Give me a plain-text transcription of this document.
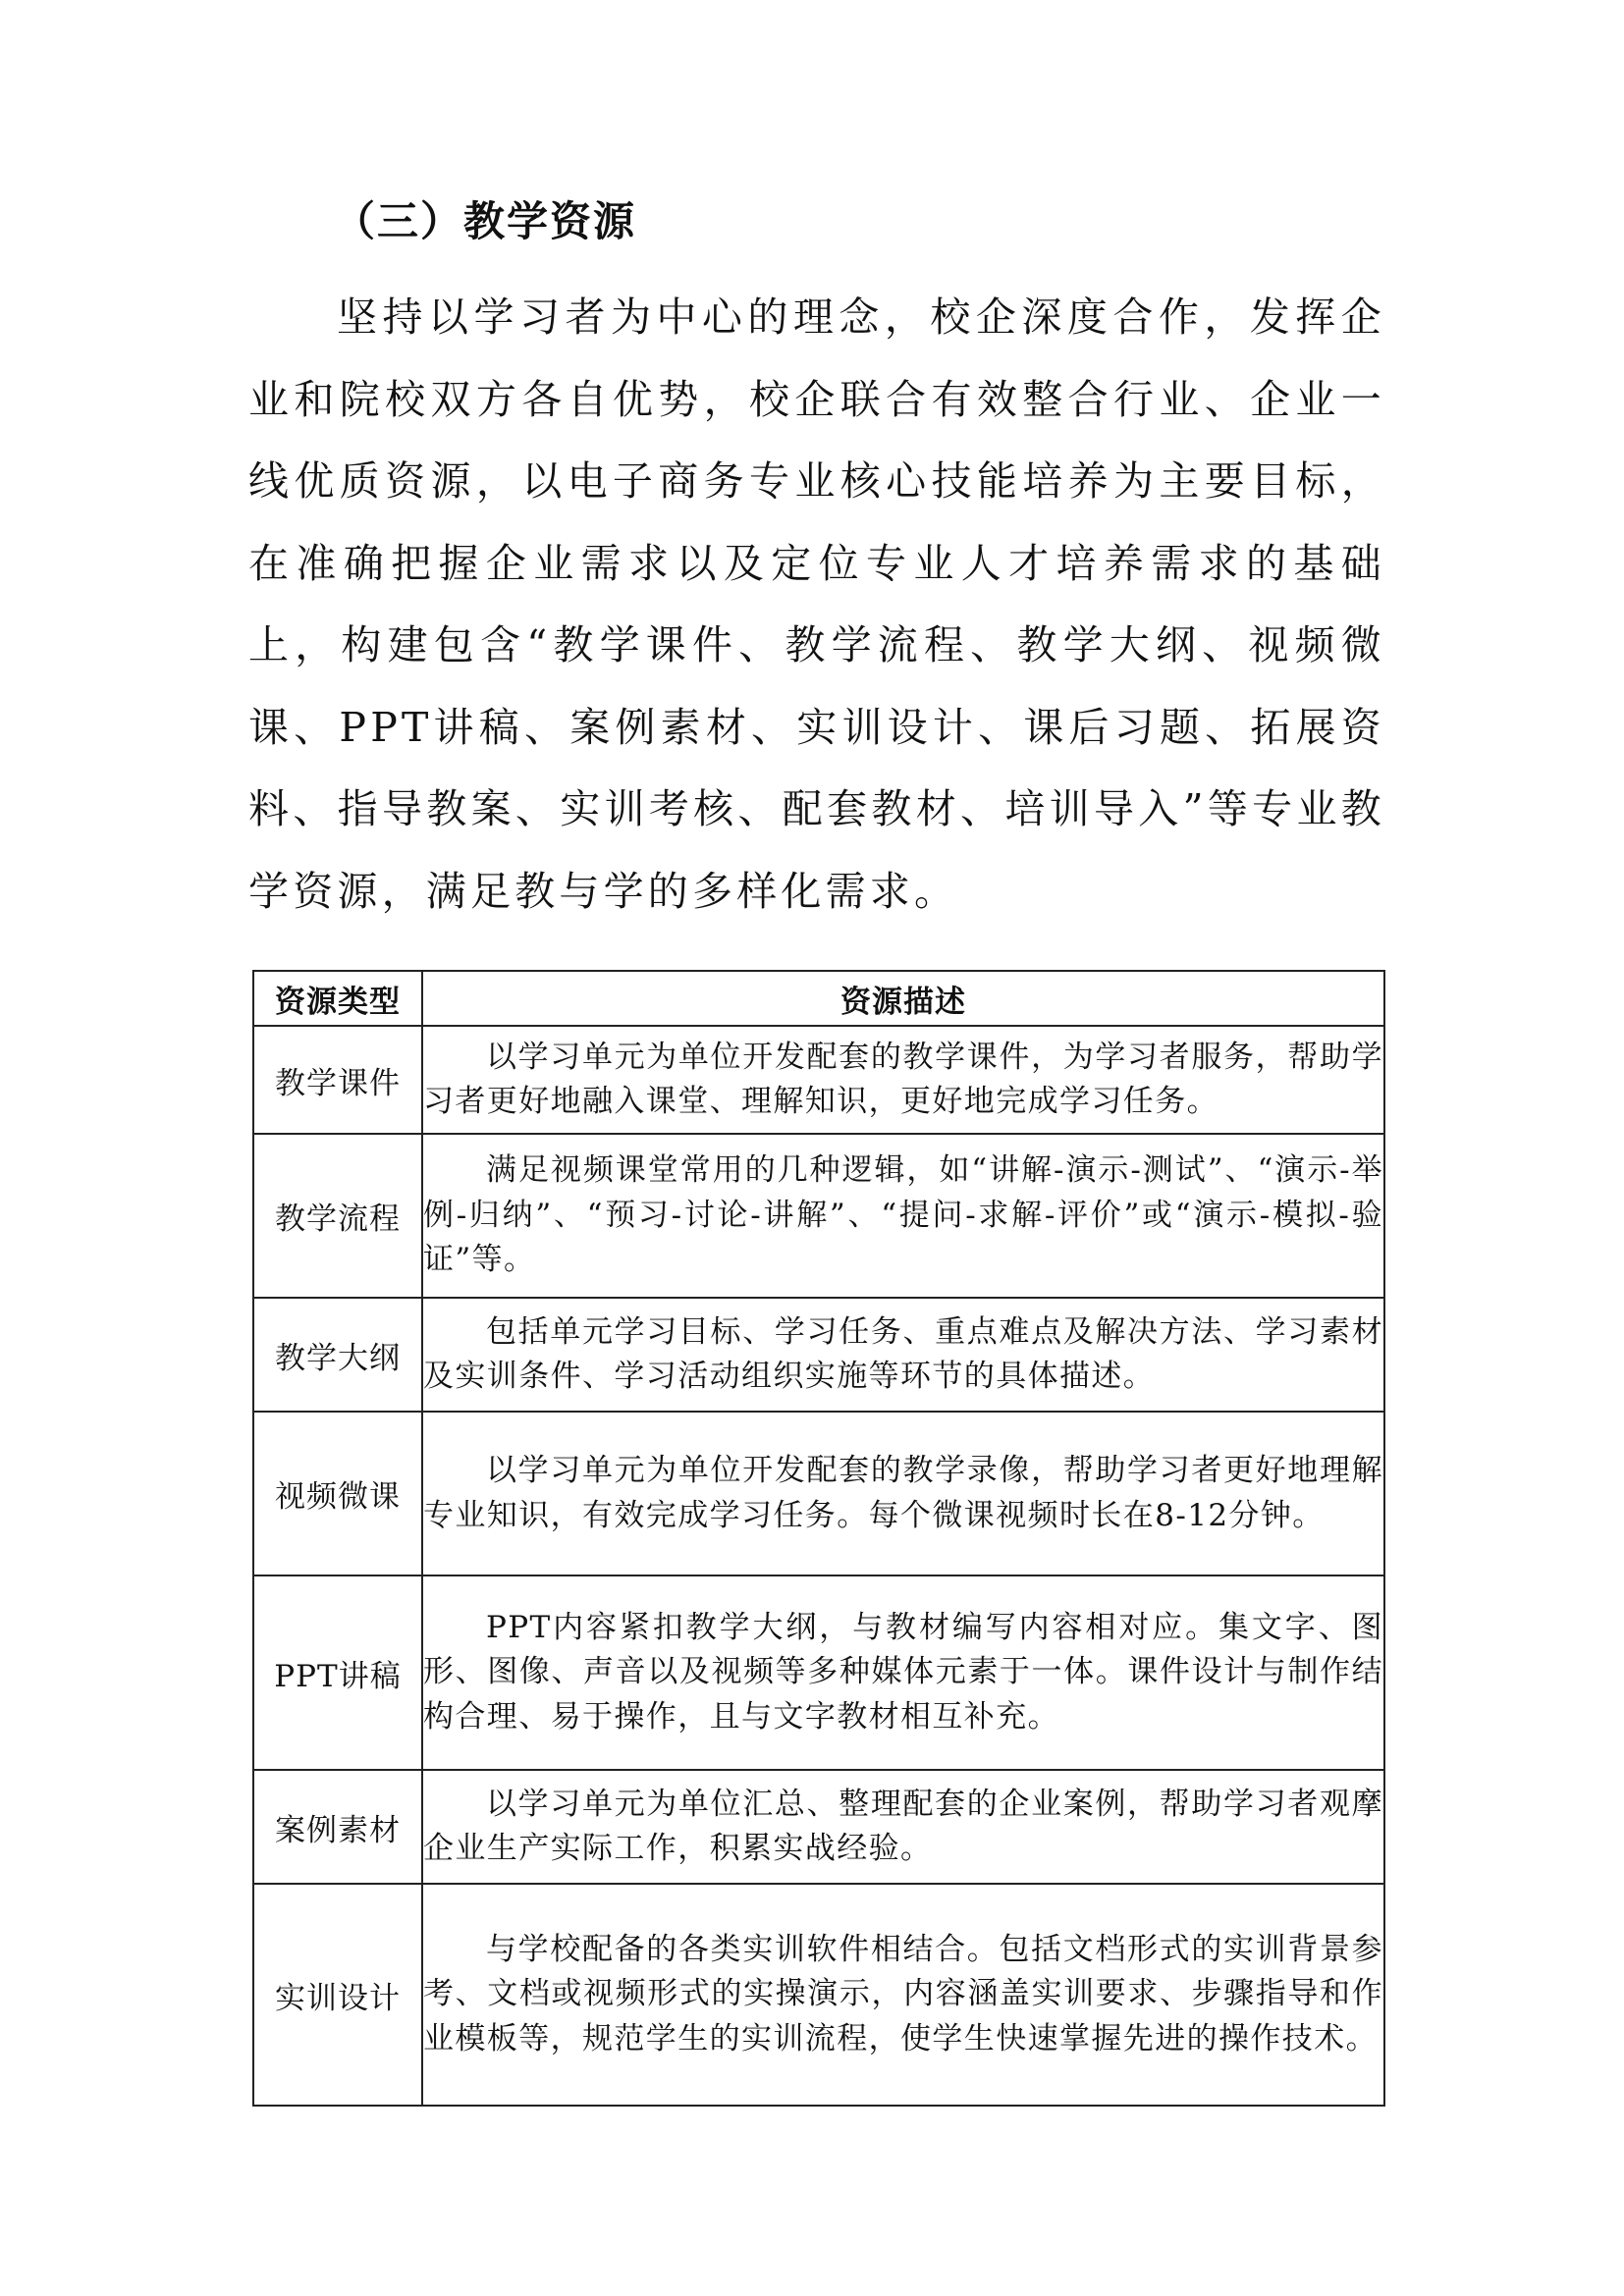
（三）教学资源

坚持以学习者为中心的理念，校企深度合作，发挥企业和院校双方各自优势，校企联合有效整合行业、企业一线优质资源，以电子商务专业核心技能培养为主要目标，在准确把握企业需求以及定位专业人才培养需求的基础上，构建包含“教学课件、教学流程、教学大纲、视频微课、PPT讲稿、案例素材、实训设计、课后习题、拓展资料、指导教案、实训考核、配套教材、培训导入”等专业教学资源，满足教与学的多样化需求。

资源类型	资源描述
教学课件	以学习单元为单位开发配套的教学课件，为学习者服务，帮助学习者更好地融入课堂、理解知识，更好地完成学习任务。
教学流程	满足视频课堂常用的几种逻辑，如“讲解-演示-测试”、“演示-举例-归纳”、“预习-讨论-讲解”、“提问-求解-评价”或“演示-模拟-验证”等。
教学大纲	包括单元学习目标、学习任务、重点难点及解决方法、学习素材及实训条件、学习活动组织实施等环节的具体描述。
视频微课	以学习单元为单位开发配套的教学录像，帮助学习者更好地理解专业知识，有效完成学习任务。每个微课视频时长在8-12分钟。
PPT讲稿	PPT内容紧扣教学大纲，与教材编写内容相对应。集文字、图形、图像、声音以及视频等多种媒体元素于一体。课件设计与制作结构合理、易于操作，且与文字教材相互补充。
案例素材	以学习单元为单位汇总、整理配套的企业案例，帮助学习者观摩企业生产实际工作，积累实战经验。
实训设计	与学校配备的各类实训软件相结合。包括文档形式的实训背景参考、文档或视频形式的实操演示，内容涵盖实训要求、步骤指导和作业模板等，规范学生的实训流程，使学生快速掌握先进的操作技术。
